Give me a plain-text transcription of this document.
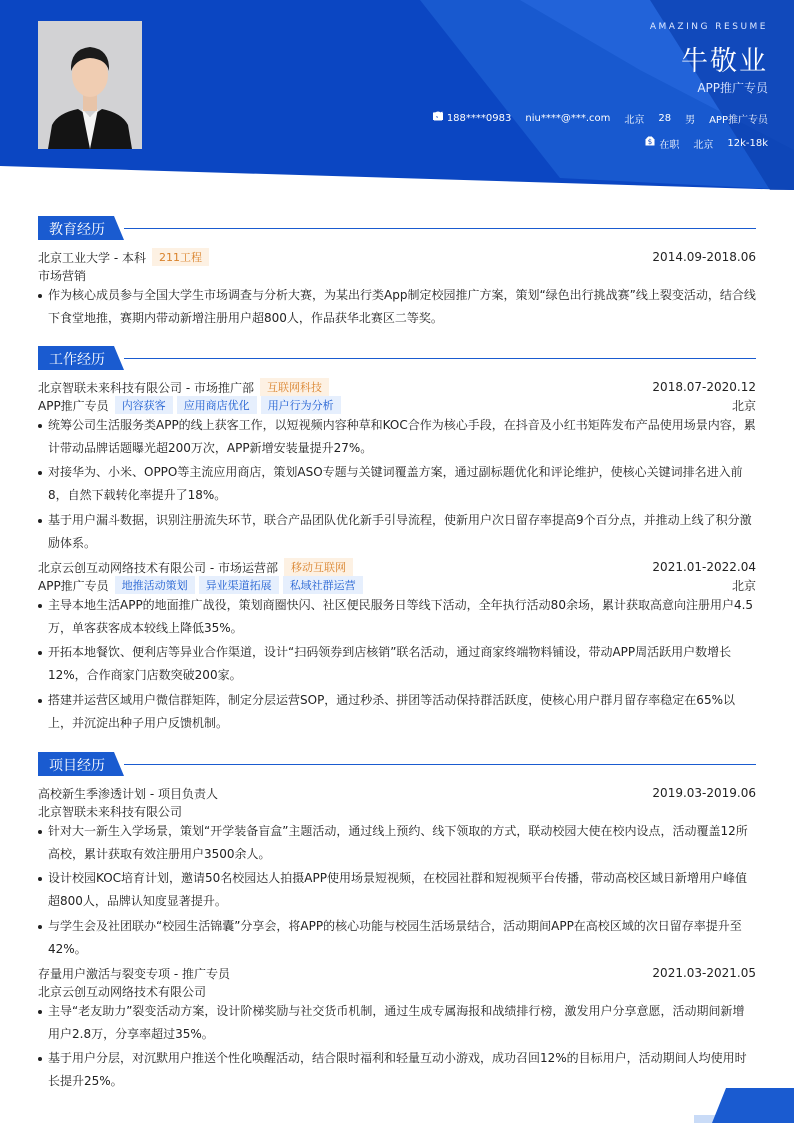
AMAZING RESUME
牛敬业
APP推广专员
188****0983 niu****@***.com 北京 28 男 APP推广专员
在职 北京
$	12k-18k
教育经历
北京工业大学 - 本科	211工程	2014.09-2018.06
市场营销
作为核心成员参与全国大学生市场调查与分析大赛，为某出行类App制定校园推广方案，策划“绿色出行挑战赛”线上裂变活动，结合线下食堂地推，赛期内带动新增注册用户超800人，作品获华北赛区二等奖。
工作经历
北京智联未来科技有限公司 - 市场推广部	互联网科技	2018.07-2020.12
APP推广专员	内容获客	应用商店优化	用户行为分析	北京
统筹公司生活服务类APP的线上获客工作，以短视频内容种草和KOC合作为核心手段，在抖音及小红书矩阵发布产品使用场景内容，累计带动品牌话题曝光超200万次，APP新增安装量提升27%。
对接华为、小米、OPPO等主流应用商店，策划ASO专题与关键词覆盖方案，通过副标题优化和评论维护，使核心关键词排名进入前8，自然下载转化率提升了18%。
基于用户漏斗数据，识别注册流失环节，联合产品团队优化新手引导流程，使新用户次日留存率提高9个百分点，并推动上线了积分激励体系。
北京云创互动网络技术有限公司 - 市场运营部	移动互联网	2021.01-2022.04
APP推广专员	地推活动策划	异业渠道拓展	私域社群运营	北京
主导本地生活APP的地面推广战役，策划商圈快闪、社区便民服务日等线下活动，全年执行活动80余场，累计获取高意向注册用户4.5万，单客获客成本较线上降低35%。
开拓本地餐饮、便利店等异业合作渠道，设计“扫码领券到店核销”联名活动，通过商家终端物料铺设，带动APP周活跃用户数增长12%，合作商家门店数突破200家。
搭建并运营区域用户微信群矩阵，制定分层运营SOP，通过秒杀、拼团等活动保持群活跃度，使核心用户群月留存率稳定在65%以上，并沉淀出种子用户反馈机制。
项目经历
高校新生季渗透计划 - 项目负责人	2019.03-2019.06
北京智联未来科技有限公司
针对大一新生入学场景，策划“开学装备盲盒”主题活动，通过线上预约、线下领取的方式，联动校园大使在校内设点，活动覆盖12所高校，累计获取有效注册用户3500余人。
设计校园KOC培育计划，邀请50名校园达人拍摄APP使用场景短视频，在校园社群和短视频平台传播，带动高校区域日新增用户峰值超800人，品牌认知度显著提升。
与学生会及社团联办“校园生活锦囊”分享会，将APP的核心功能与校园生活场景结合，活动期间APP在高校区域的次日留存率提升至42%。
存量用户激活与裂变专项 - 推广专员	2021.03-2021.05
北京云创互动网络技术有限公司
主导“老友助力”裂变活动方案，设计阶梯奖励与社交货币机制，通过生成专属海报和战绩排行榜，激发用户分享意愿，活动期间新增用户2.8万，分享率超过35%。
基于用户分层，对沉默用户推送个性化唤醒活动，结合限时福利和轻量互动小游戏，成功召回12%的目标用户，活动期间人均使用时长提升25%。
